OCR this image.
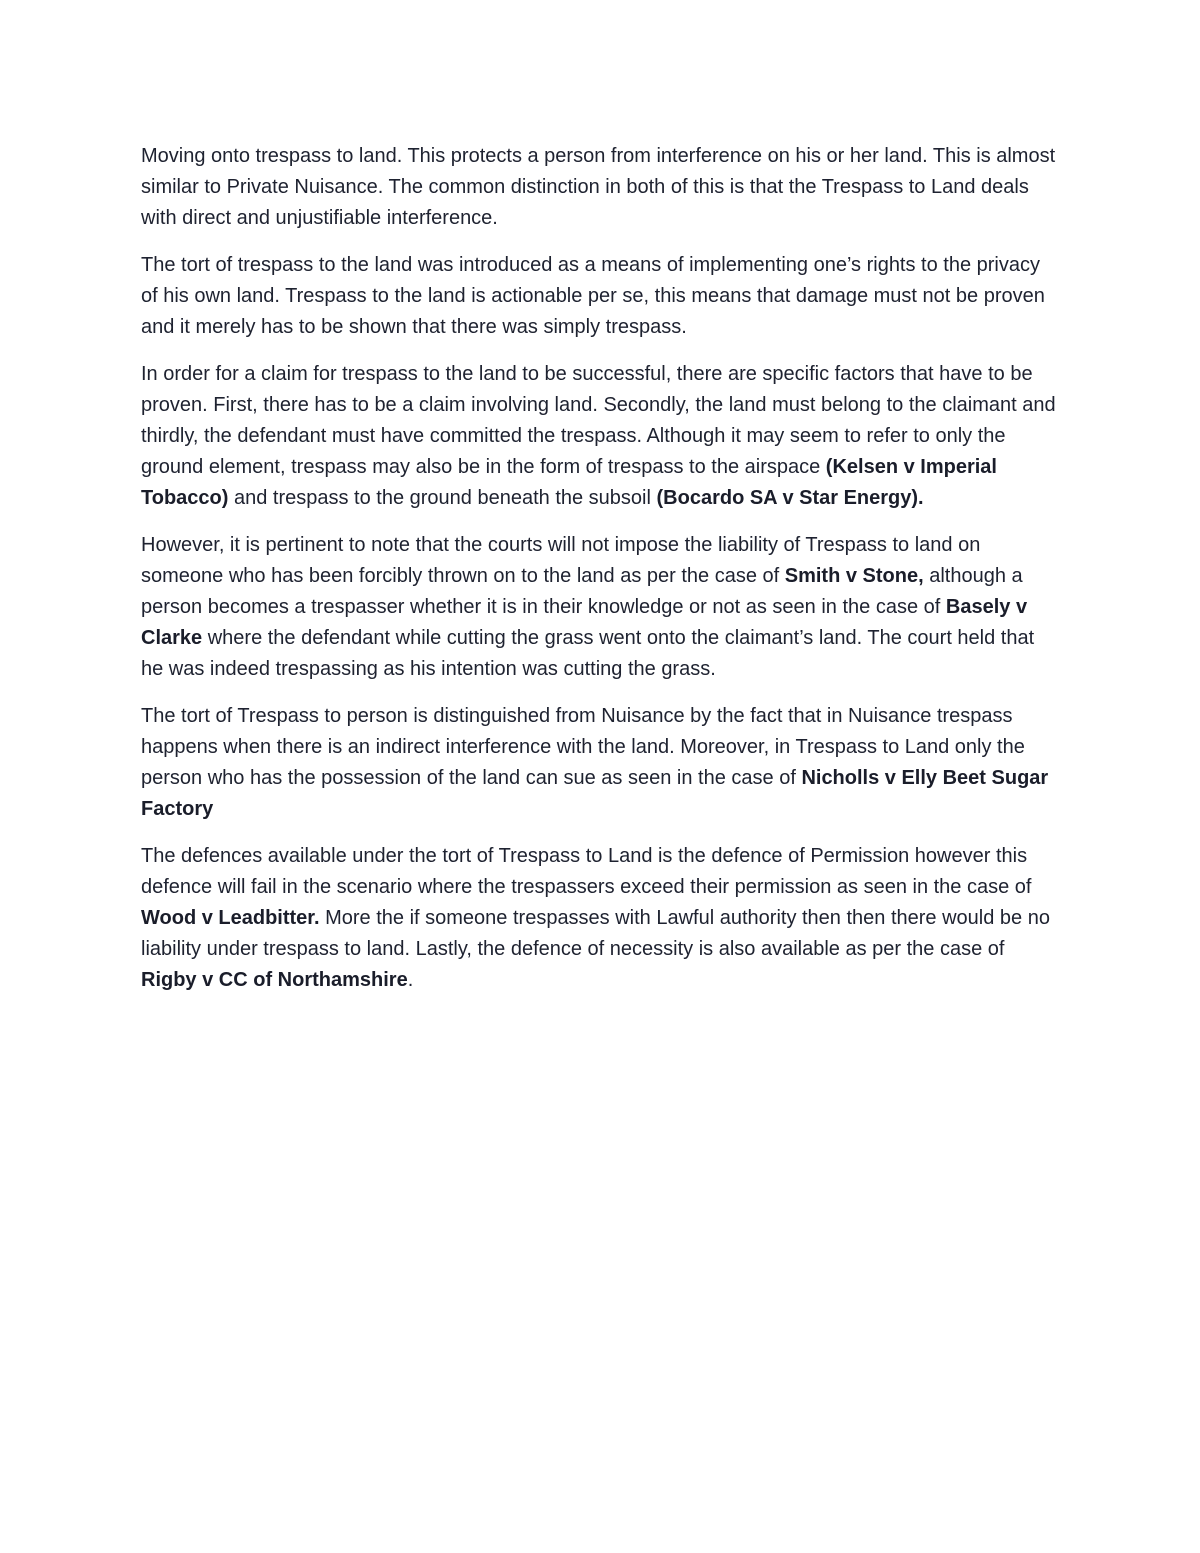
Moving onto trespass to land. This protects a person from interference on his or her land. This is almost similar to Private Nuisance. The common distinction in both of this is that the Trespass to Land deals with direct and unjustifiable interference.

The tort of trespass to the land was introduced as a means of implementing one’s rights to the privacy of his own land. Trespass to the land is actionable per se, this means that damage must not be proven and it merely has to be shown that there was simply trespass.

In order for a claim for trespass to the land to be successful, there are specific factors that have to be proven. First, there has to be a claim involving land. Secondly, the land must belong to the claimant and thirdly, the defendant must have committed the trespass. Although it may seem to refer to only the ground element, trespass may also be in the form of trespass to the airspace (Kelsen v Imperial Tobacco) and trespass to the ground beneath the subsoil (Bocardo SA v Star Energy).

However, it is pertinent to note that the courts will not impose the liability of Trespass to land on someone who has been forcibly thrown on to the land as per the case of Smith v Stone, although a person becomes a trespasser whether it is in their knowledge or not as seen in the case of Basely v Clarke where the defendant while cutting the grass went onto the claimant’s land. The court held that he was indeed trespassing as his intention was cutting the grass.

The tort of Trespass to person is distinguished from Nuisance by the fact that in Nuisance trespass happens when there is an indirect interference with the land. Moreover, in Trespass to Land only the person who has the possession of the land can sue as seen in the case of Nicholls v Elly Beet Sugar Factory

The defences available under the tort of Trespass to Land is the defence of Permission however this defence will fail in the scenario where the trespassers exceed their permission as seen in the case of Wood v Leadbitter. More the if someone trespasses with Lawful authority then then there would be no liability under trespass to land. Lastly, the defence of necessity is also available as per the case of Rigby v CC of Northamshire.
